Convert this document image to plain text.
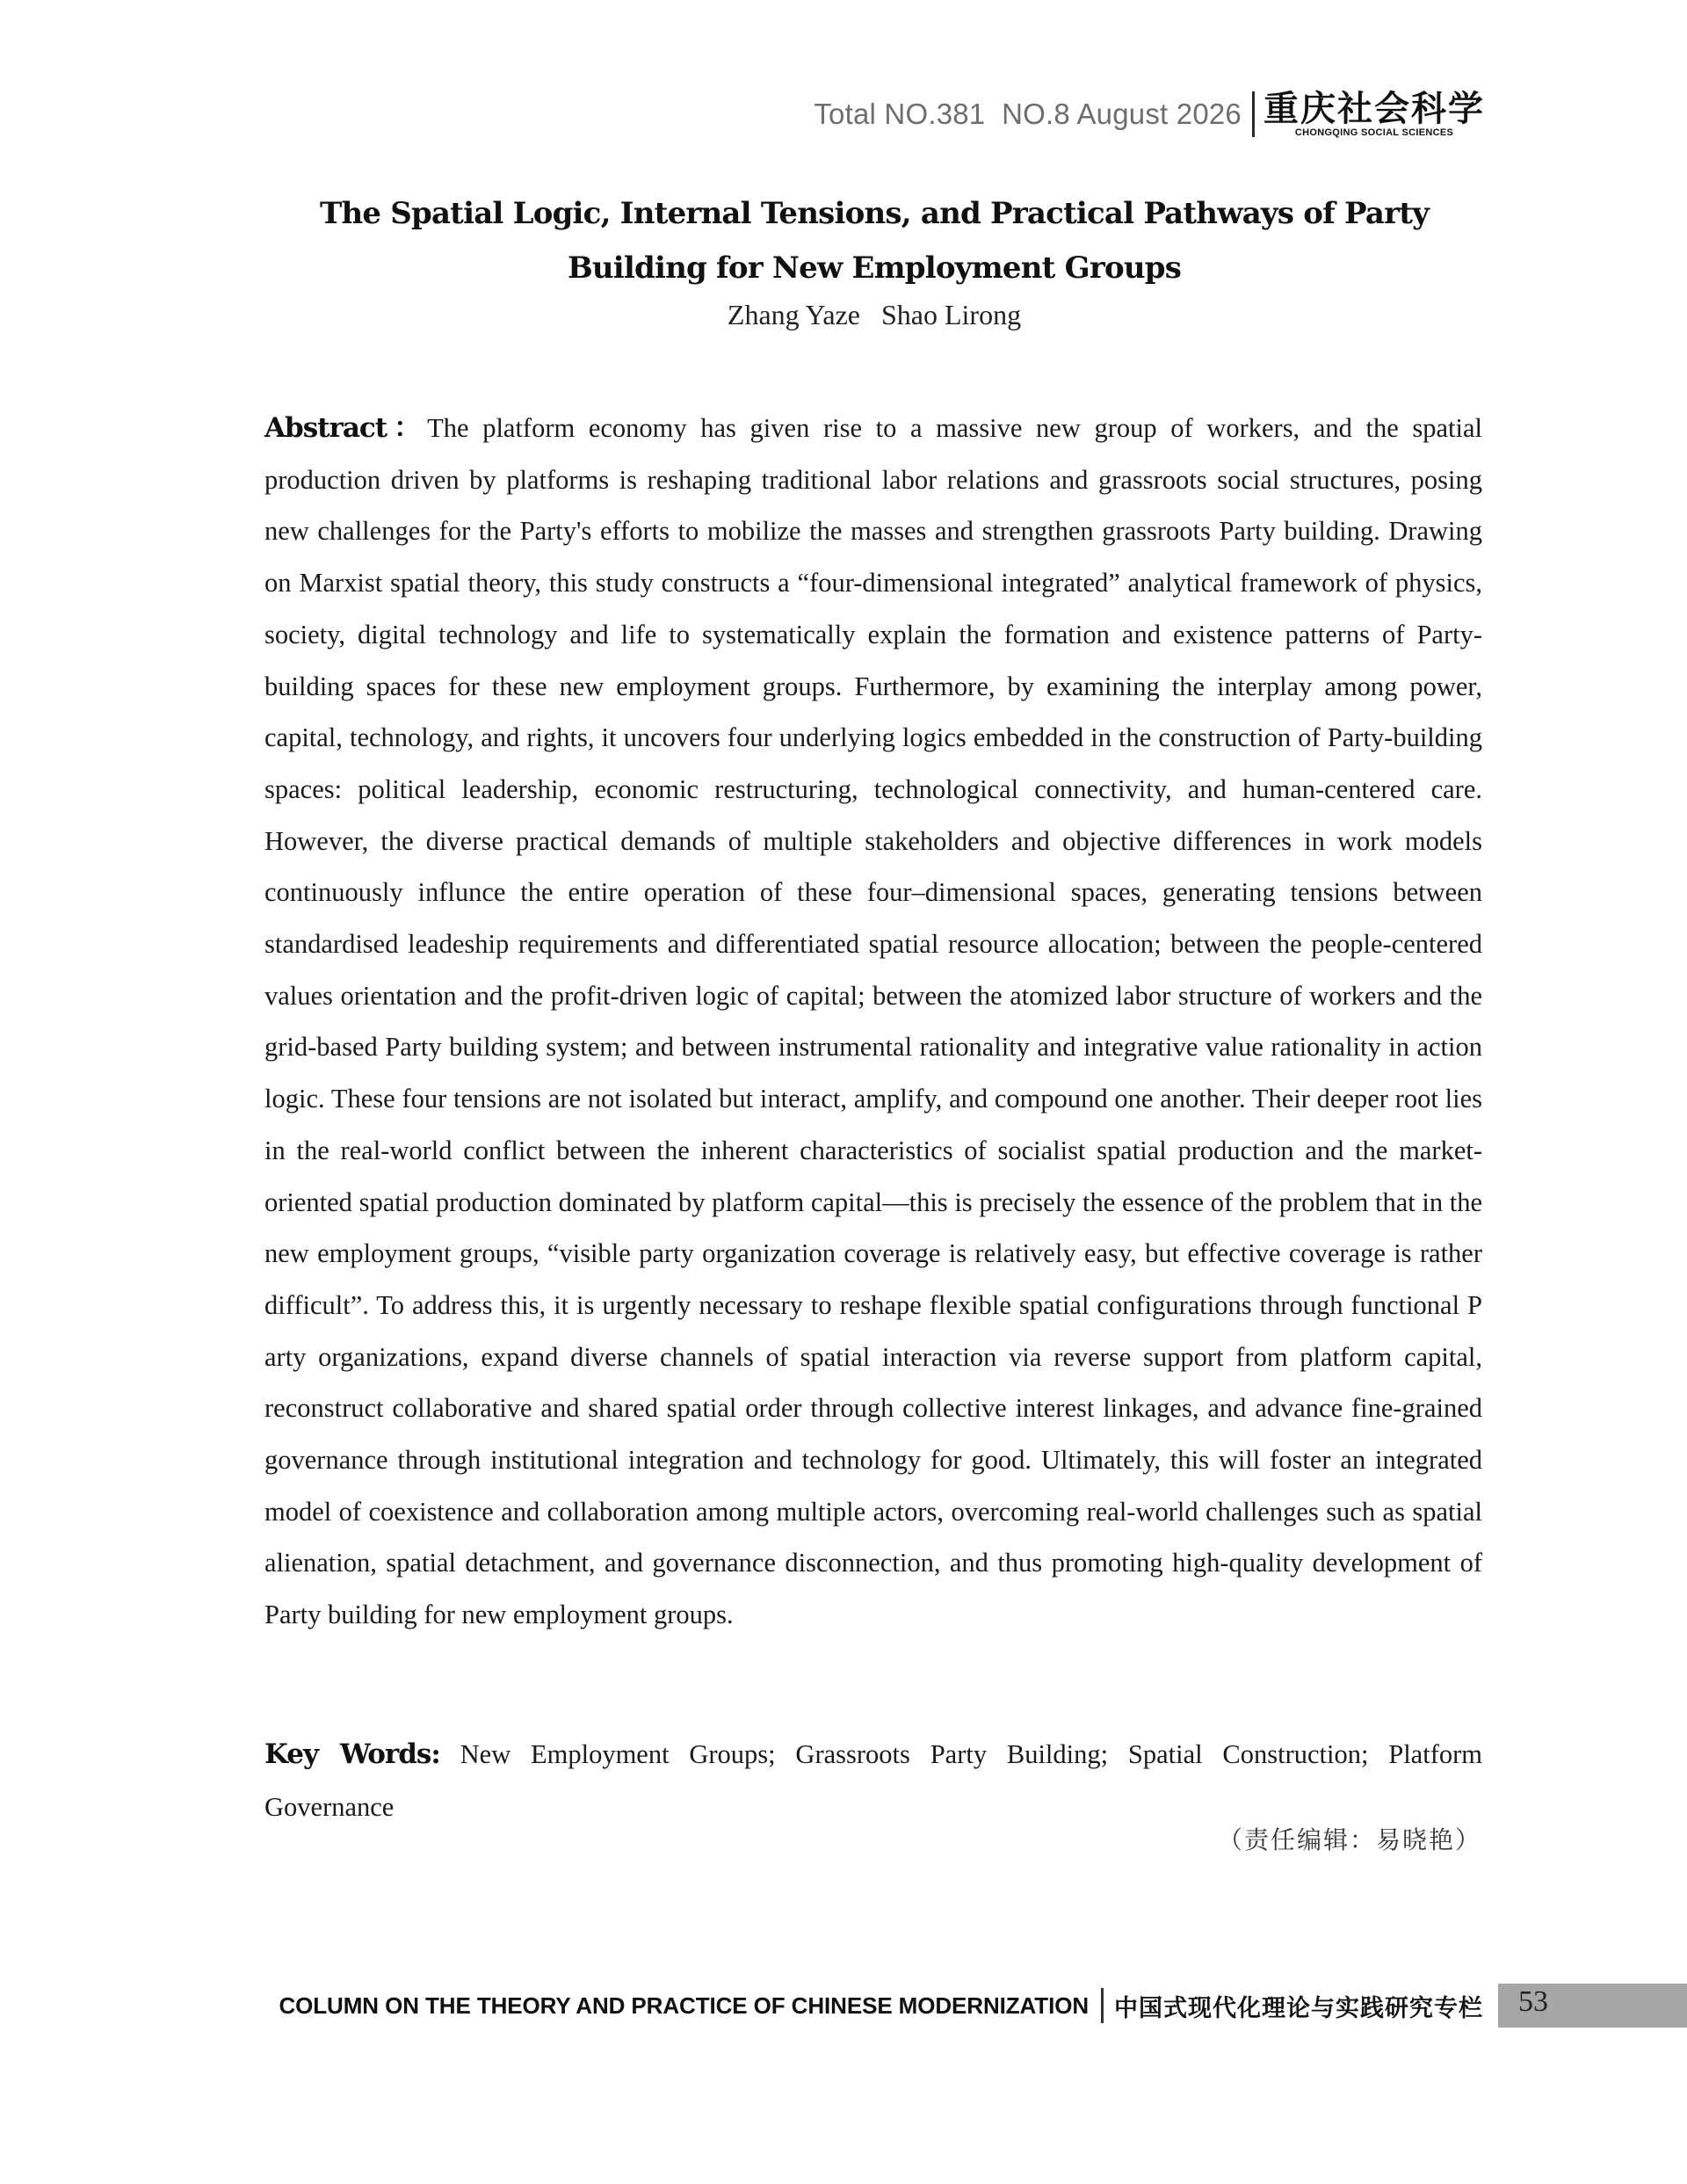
Total NO.381  NO.8 August 2026 重庆社会科学
CHONGQING SOCIAL SCIENCES
The Spatial Logic, Internal Tensions, and Practical Pathways of Party Building for New Employment Groups
Zhang Yaze   Shao Lirong

Abstract：The platform economy has given rise to a massive new group of workers, and the spatial production driven by platforms is reshaping traditional labor relations and grassroots social structures, posing new challenges for the Party's efforts to mobilize the masses and strengthen grassroots Party building. Drawing on Marxist spatial theory, this study constructs a “four-dimensional integrated” analytical framework of physics, society, digital technology and life to systematically explain the formation and existence patterns of Party-building spaces for these new employment groups. Furthermore, by examining the interplay among power, capital, technology, and rights, it uncovers four underlying logics embedded in the construction of Party-building spaces: political leadership, economic restructuring, technological connectivity, and human-centered care. However, the diverse practical demands of multiple stakeholders and objective differences in work models continuously influnce the entire operation of these four–dimensional spaces, generating tensions between standardised leadeship requirements and differentiated spatial resource allocation; between the people-centered values orientation and the profit-driven logic of capital; between the atomized labor structure of workers and the grid-based Party building system; and between instrumental rationality and integrative value rationality in action logic. These four tensions are not isolated but interact, amplify, and compound one another. Their deeper root lies in the real-world conflict between the inherent characteristics of socialist spatial production and the market-oriented spatial production dominated by platform capital—this is precisely the essence of the problem that in the new employment groups, “visible party organization coverage is relatively easy, but effective coverage is rather difficult”. To address this, it is urgently necessary to reshape flexible spatial configurations through functional P arty organizations, expand diverse channels of spatial interaction via reverse support from platform capital, reconstruct collaborative and shared spatial order through collective interest linkages, and advance fine-grained governance through institutional integration and technology for good. Ultimately, this will foster an integrated model of coexistence and collaboration among multiple actors, overcoming real-world challenges such as spatial alienation, spatial detachment, and governance disconnection, and thus promoting high-quality development of Party building for new employment groups.

Key Words: New Employment Groups; Grassroots Party Building; Spatial Construction; Platform Governance

（责任编辑：易晓艳）
COLUMN ON THE THEORY AND PRACTICE OF CHINESE MODERNIZATION 中国式现代化理论与实践研究专栏 53
